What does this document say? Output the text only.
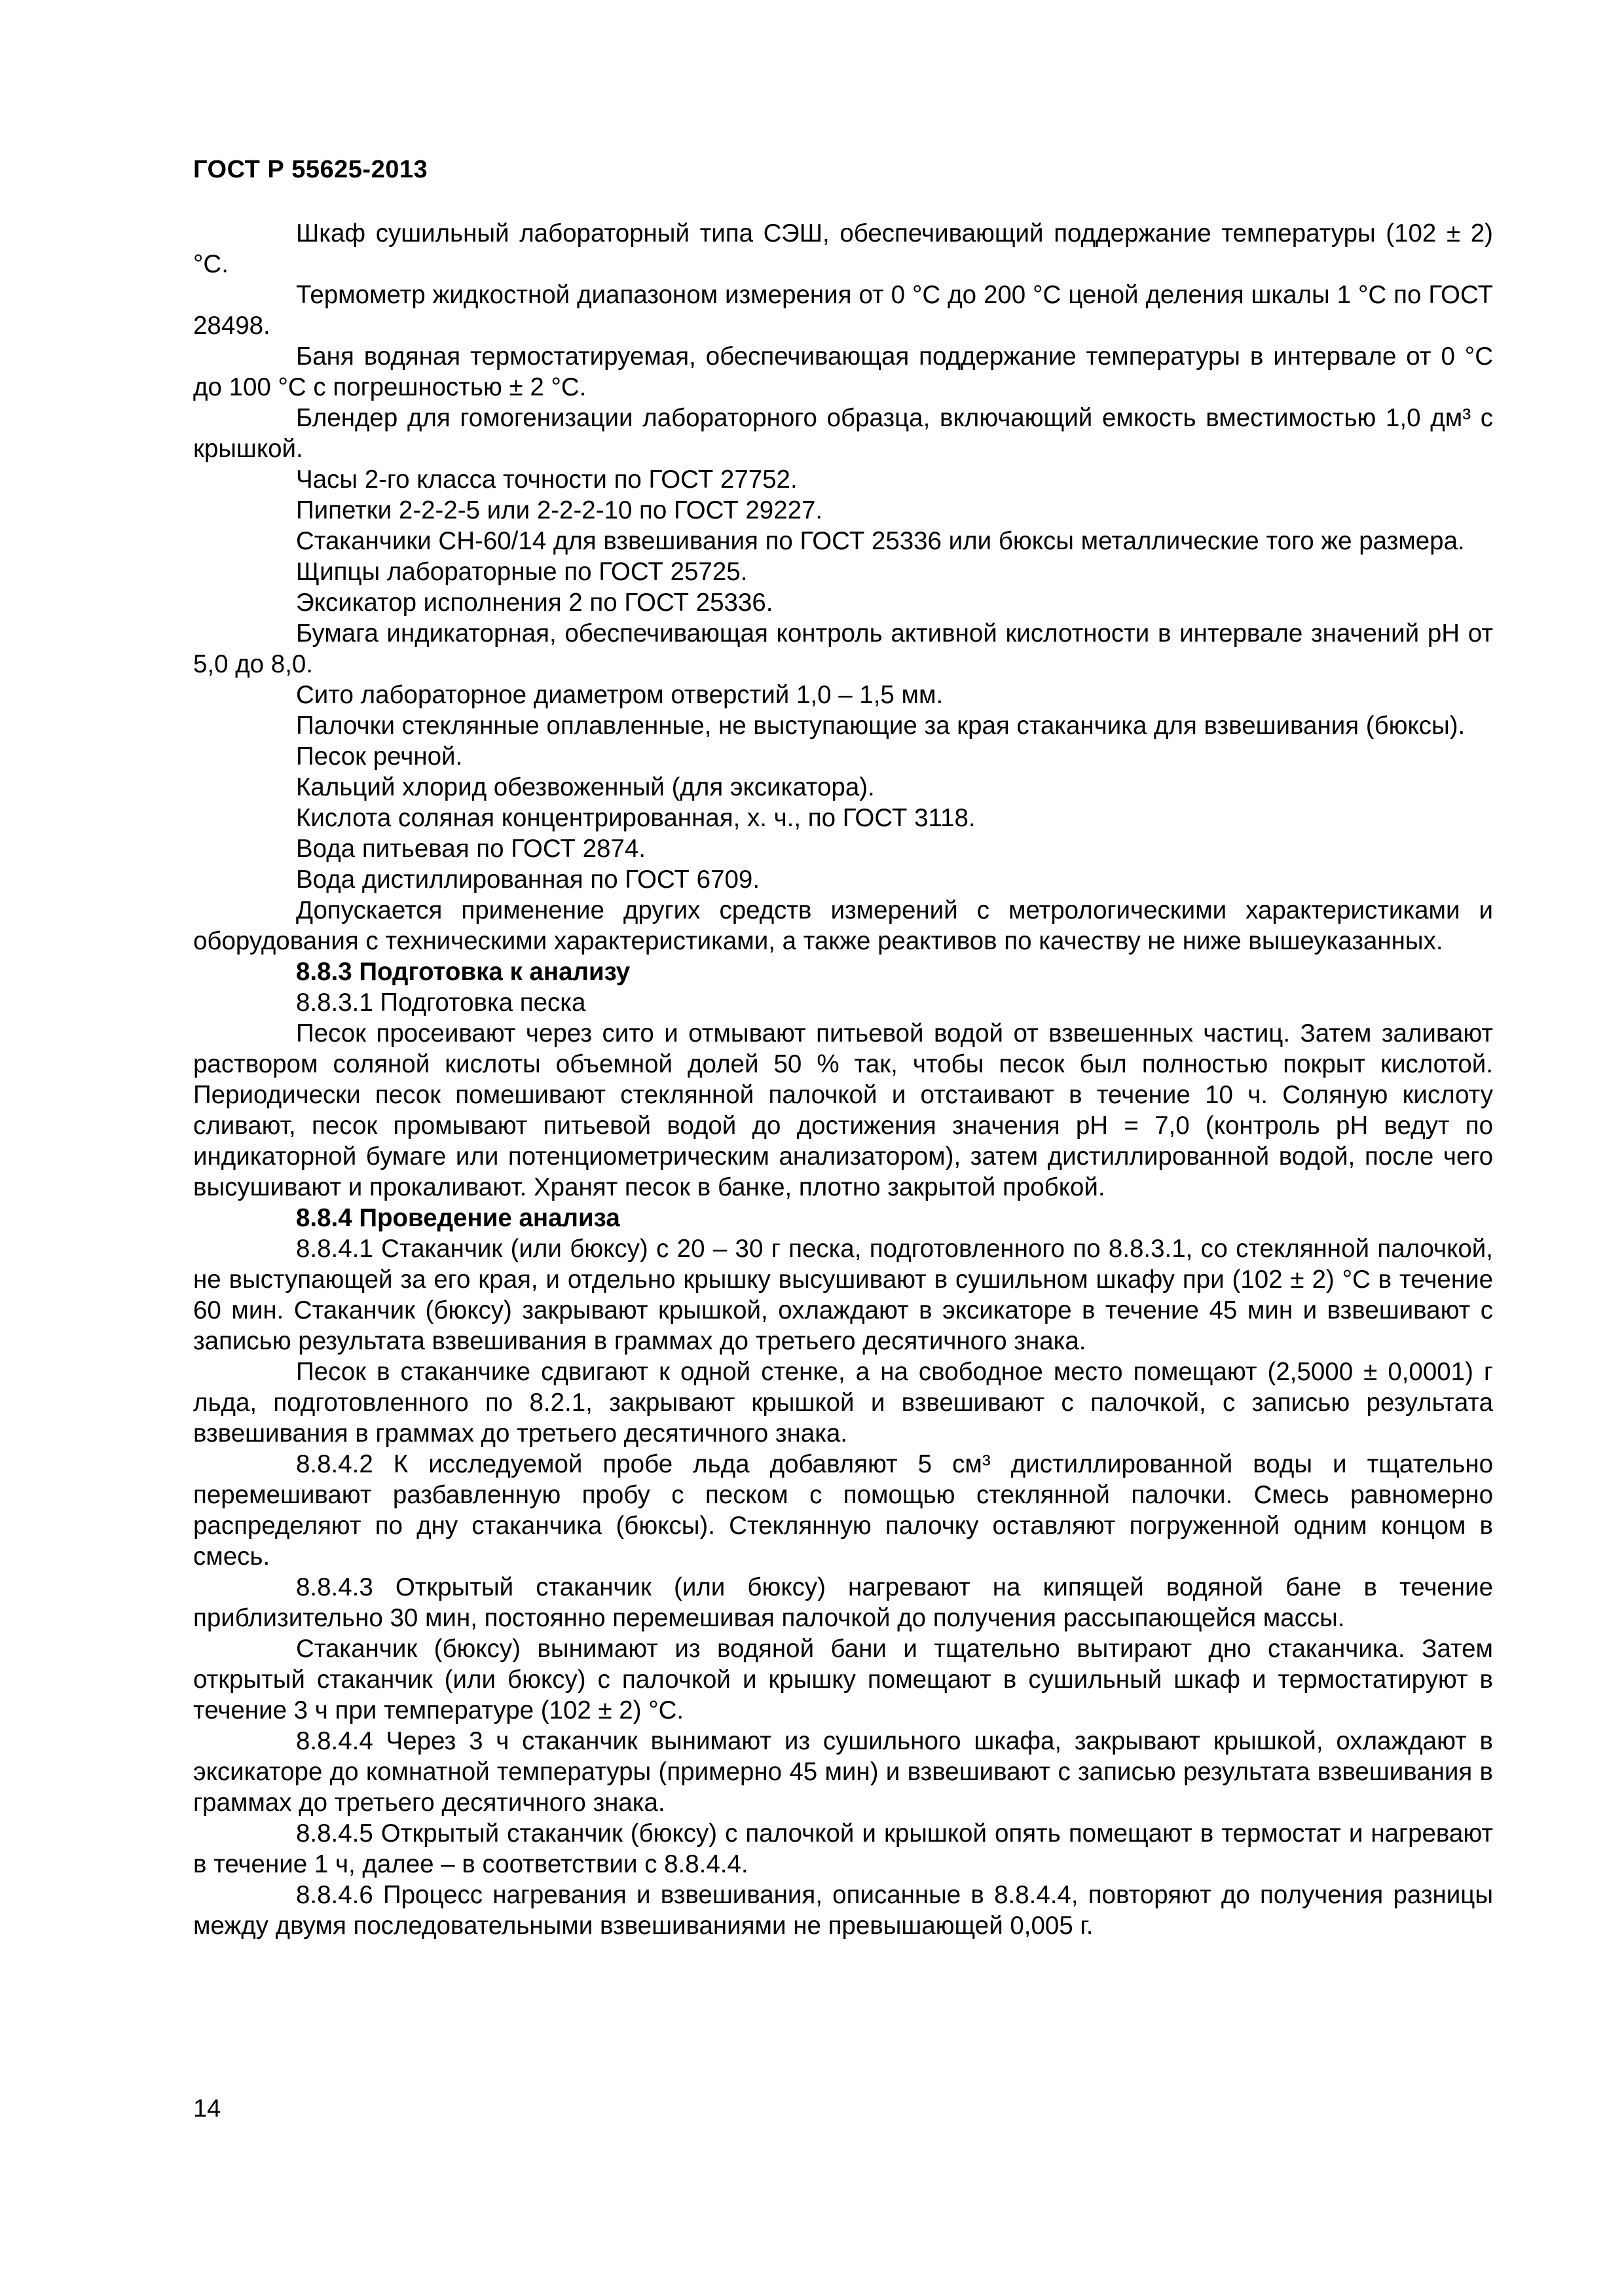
ГОСТ Р 55625-2013

Шкаф сушильный лабораторный типа СЭШ, обеспечивающий поддержание температуры (102 ± 2) °С.

Термометр жидкостной диапазоном измерения от 0 °С до 200 °С ценой деления шкалы 1 °С по ГОСТ 28498.

Баня водяная термостатируемая, обеспечивающая поддержание температуры в интервале от 0 °С до 100 °С с погрешностью ± 2 °С.

Блендер для гомогенизации лабораторного образца, включающий емкость вместимостью 1,0 дм³ с крышкой.

Часы 2-го класса точности по ГОСТ 27752.

Пипетки 2-2-2-5 или 2-2-2-10 по ГОСТ 29227.

Стаканчики СН-60/14 для взвешивания по ГОСТ 25336 или бюксы металлические того же размера.

Щипцы лабораторные по ГОСТ 25725.

Эксикатор исполнения 2 по ГОСТ 25336.

Бумага индикаторная, обеспечивающая контроль активной кислотности в интервале значений рН от 5,0 до 8,0.

Сито лабораторное диаметром отверстий 1,0 – 1,5 мм.

Палочки стеклянные оплавленные, не выступающие за края стаканчика для взвешивания (бюксы).

Песок речной.

Кальций хлорид обезвоженный (для эксикатора).

Кислота соляная концентрированная, х. ч., по ГОСТ 3118.

Вода питьевая по ГОСТ 2874.

Вода дистиллированная по ГОСТ 6709.

Допускается применение других средств измерений с метрологическими характеристиками и оборудования с техническими характеристиками, а также реактивов по качеству не ниже вышеуказанных.

8.8.3 Подготовка к анализу

8.8.3.1 Подготовка песка

Песок просеивают через сито и отмывают питьевой водой от взвешенных частиц. Затем заливают раствором соляной кислоты объемной долей 50 % так, чтобы песок был полностью покрыт кислотой. Периодически песок помешивают стеклянной палочкой и отстаивают в течение 10 ч. Соляную кислоту сливают, песок промывают питьевой водой до достижения значения рН = 7,0 (контроль рН ведут по индикаторной бумаге или потенциометрическим анализатором), затем дистиллированной водой, после чего высушивают и прокаливают. Хранят песок в банке, плотно закрытой пробкой.

8.8.4 Проведение анализа

8.8.4.1 Стаканчик (или бюксу) с 20 – 30 г песка, подготовленного по 8.8.3.1, со стеклянной палочкой, не выступающей за его края, и отдельно крышку высушивают в сушильном шкафу при (102 ± 2) °С в течение 60 мин. Стаканчик (бюксу) закрывают крышкой, охлаждают в эксикаторе в течение 45 мин и взвешивают с записью результата взвешивания в граммах до третьего десятичного знака.

Песок в стаканчике сдвигают к одной стенке, а на свободное место помещают (2,5000 ± 0,0001) г льда, подготовленного по 8.2.1, закрывают крышкой и взвешивают с палочкой, с записью результата взвешивания в граммах до третьего десятичного знака.

8.8.4.2 К исследуемой пробе льда добавляют 5 см³ дистиллированной воды и тщательно перемешивают разбавленную пробу с песком с помощью стеклянной палочки. Смесь равномерно распределяют по дну стаканчика (бюксы). Стеклянную палочку оставляют погруженной одним концом в смесь.

8.8.4.3 Открытый стаканчик (или бюксу) нагревают на кипящей водяной бане в течение приблизительно 30 мин, постоянно перемешивая палочкой до получения рассыпающейся массы.

Стаканчик (бюксу) вынимают из водяной бани и тщательно вытирают дно стаканчика. Затем открытый стаканчик (или бюксу) с палочкой и крышку помещают в сушильный шкаф и термостатируют в течение 3 ч при температуре (102 ± 2) °С.

8.8.4.4 Через 3 ч стаканчик вынимают из сушильного шкафа, закрывают крышкой, охлаждают в эксикаторе до комнатной температуры (примерно 45 мин) и взвешивают с записью результата взвешивания в граммах до третьего десятичного знака.

8.8.4.5 Открытый стаканчик (бюксу) с палочкой и крышкой опять помещают в термостат и нагревают в течение 1 ч, далее – в соответствии с 8.8.4.4.

8.8.4.6 Процесс нагревания и взвешивания, описанные в 8.8.4.4, повторяют до получения разницы между двумя последовательными взвешиваниями не превышающей 0,005 г.

14
